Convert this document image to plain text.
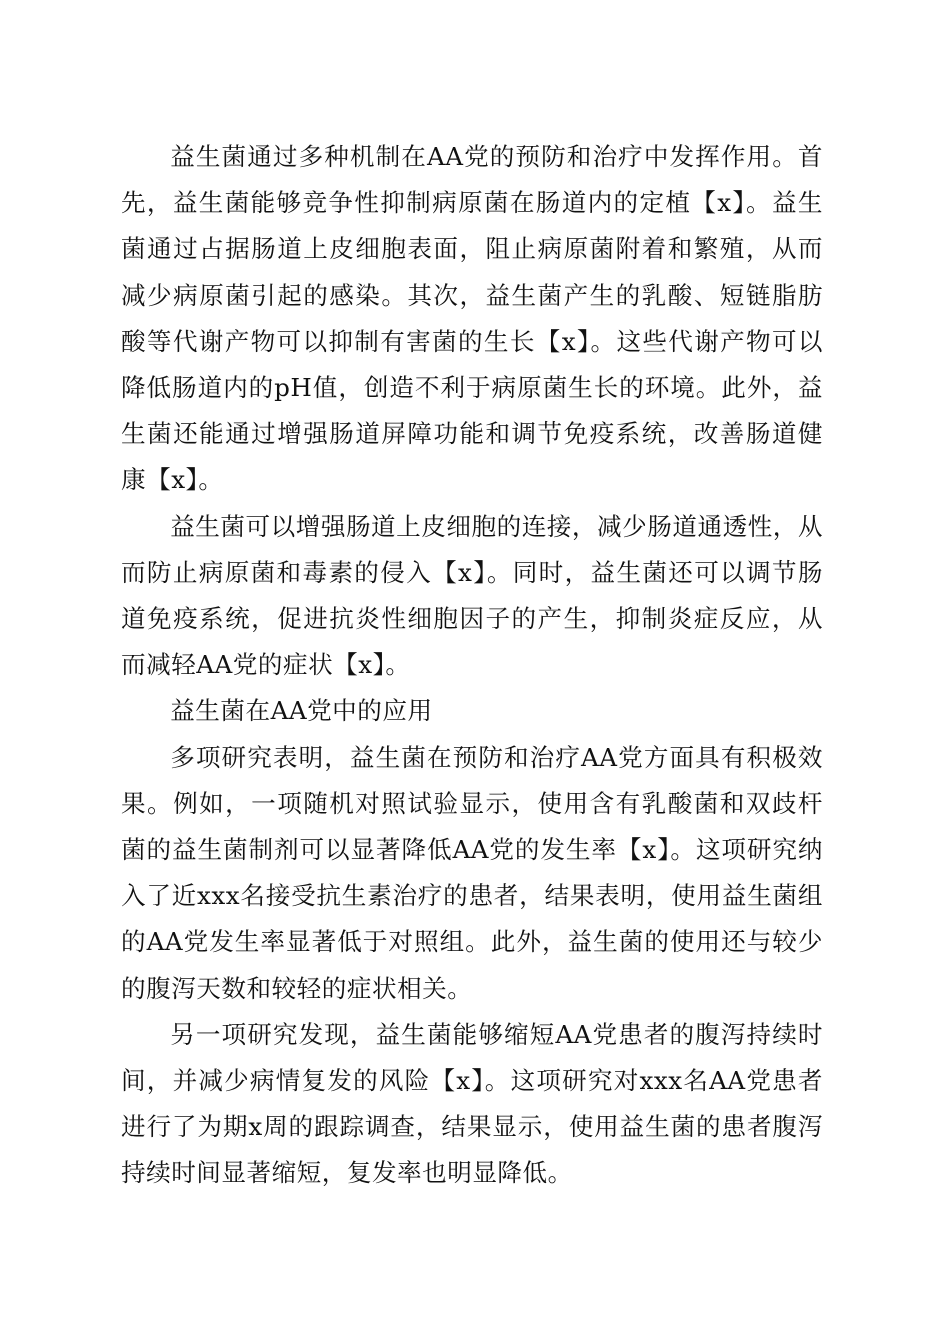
益生菌通过多种机制在AA党的预防和治疗中发挥作用。首先，益生菌能够竞争性抑制病原菌在肠道内的定植【x】。益生菌通过占据肠道上皮细胞表面，阻止病原菌附着和繁殖，从而减少病原菌引起的感染。其次，益生菌产生的乳酸、短链脂肪酸等代谢产物可以抑制有害菌的生长【x】。这些代谢产物可以降低肠道内的pH值，创造不利于病原菌生长的环境。此外，益生菌还能通过增强肠道屏障功能和调节免疫系统，改善肠道健康【x】。

益生菌可以增强肠道上皮细胞的连接，减少肠道通透性，从而防止病原菌和毒素的侵入【x】。同时，益生菌还可以调节肠道免疫系统，促进抗炎性细胞因子的产生，抑制炎症反应，从而减轻AA党的症状【x】。

益生菌在AA党中的应用

多项研究表明，益生菌在预防和治疗AA党方面具有积极效果。例如，一项随机对照试验显示，使用含有乳酸菌和双歧杆菌的益生菌制剂可以显著降低AA党的发生率【x】。这项研究纳入了近xxx名接受抗生素治疗的患者，结果表明，使用益生菌组的AA党发生率显著低于对照组。此外，益生菌的使用还与较少的腹泻天数和较轻的症状相关。

另一项研究发现，益生菌能够缩短AA党患者的腹泻持续时间，并减少病情复发的风险【x】。这项研究对xxx名AA党患者进行了为期x周的跟踪调查，结果显示，使用益生菌的患者腹泻持续时间显著缩短，复发率也明显降低。
